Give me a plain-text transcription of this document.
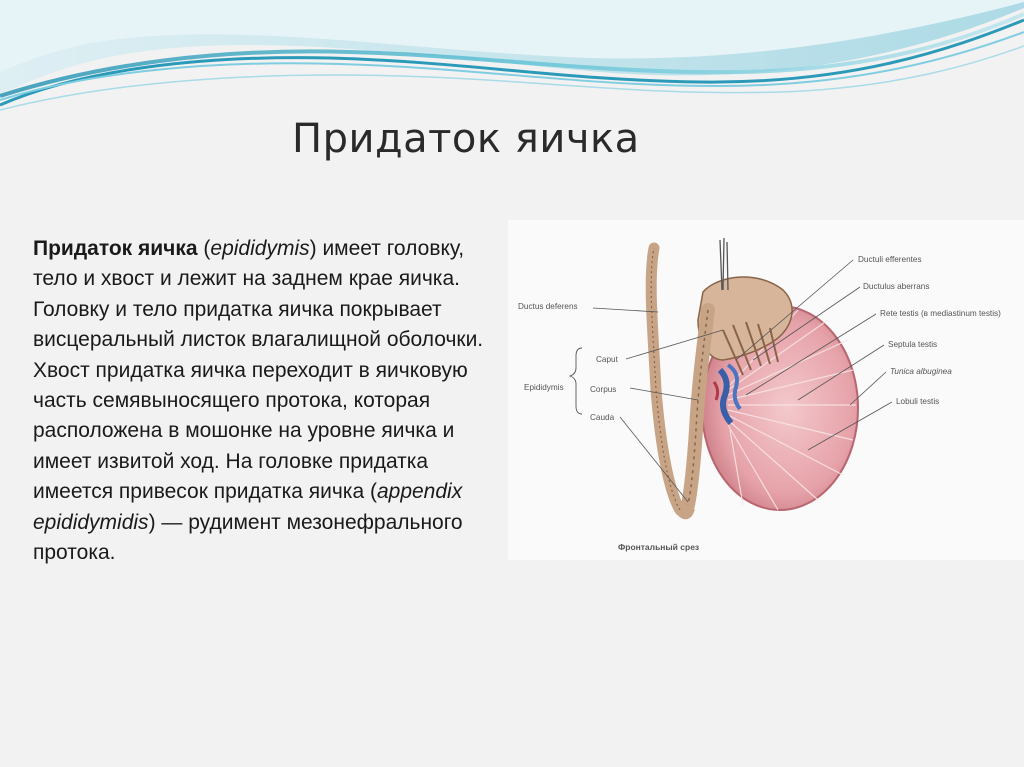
Придаток яичка
Придаток яичка (epididymis) имеет головку, тело и хвост и лежит на заднем крае яичка. Головку и тело придатка яичка покрывает висцеральный листок влагалищной оболочки. Хвост придатка яичка переходит в яичковую часть семявыносящего протока, которая расположена в мошонке на уровне яичка и имеет извитой ход. На головке придатка имеется привесок придатка яичка (appendix epididymidis) — рудимент мезонефрального протока.
Ductus deferens
Epididymis
Caput
Corpus
Cauda
Ductuli efferentes
Ductulus aberrans
Rete testis (в mediastinum testis)
Septula testis
Tunica albuginea
Lobuli testis
Фронтальный срез
